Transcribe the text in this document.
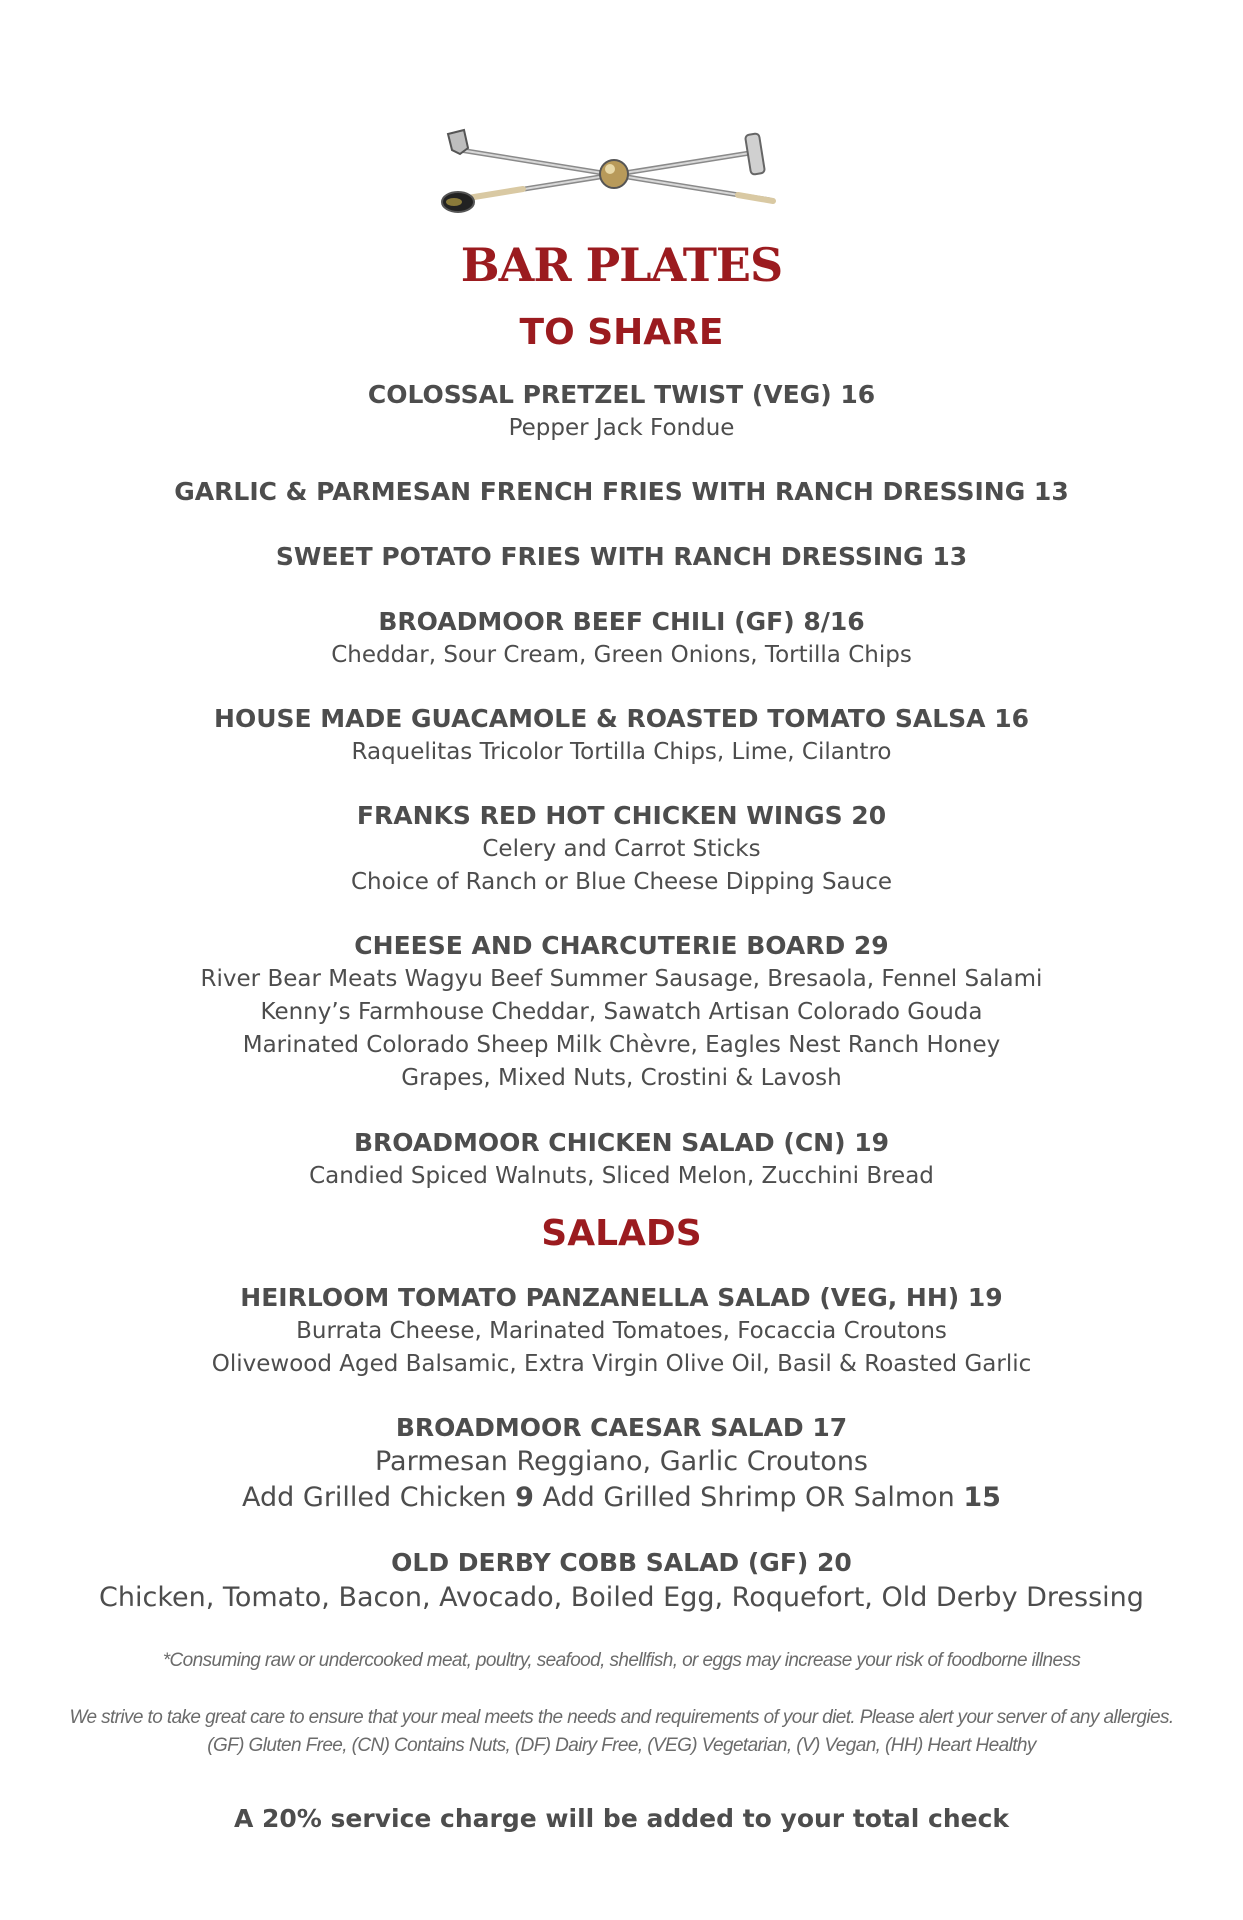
BAR PLATES
TO SHARE
COLOSSAL PRETZEL TWIST (VEG) 16
Pepper Jack Fondue
GARLIC & PARMESAN FRENCH FRIES WITH RANCH DRESSING 13
SWEET POTATO FRIES WITH RANCH DRESSING 13
BROADMOOR BEEF CHILI (GF) 8/16
Cheddar, Sour Cream, Green Onions, Tortilla Chips
HOUSE MADE GUACAMOLE & ROASTED TOMATO SALSA 16
Raquelitas Tricolor Tortilla Chips, Lime, Cilantro
FRANKS RED HOT CHICKEN WINGS 20
Celery and Carrot Sticks
Choice of Ranch or Blue Cheese Dipping Sauce
CHEESE AND CHARCUTERIE BOARD 29
River Bear Meats Wagyu Beef Summer Sausage, Bresaola, Fennel Salami
Kenny’s Farmhouse Cheddar, Sawatch Artisan Colorado Gouda
Marinated Colorado Sheep Milk Chèvre, Eagles Nest Ranch Honey
Grapes, Mixed Nuts, Crostini & Lavosh
BROADMOOR CHICKEN SALAD (CN) 19
Candied Spiced Walnuts, Sliced Melon, Zucchini Bread
SALADS
HEIRLOOM TOMATO PANZANELLA SALAD (VEG, HH) 19
Burrata Cheese, Marinated Tomatoes, Focaccia Croutons
Olivewood Aged Balsamic, Extra Virgin Olive Oil, Basil & Roasted Garlic
BROADMOOR CAESAR SALAD 17
Parmesan Reggiano, Garlic Croutons
Add Grilled Chicken 9 Add Grilled Shrimp OR Salmon 15
OLD DERBY COBB SALAD (GF) 20
Chicken, Tomato, Bacon, Avocado, Boiled Egg, Roquefort, Old Derby Dressing
*Consuming raw or undercooked meat, poultry, seafood, shellfish, or eggs may increase your risk of foodborne illness
We strive to take great care to ensure that your meal meets the needs and requirements of your diet. Please alert your server of any allergies.
(GF) Gluten Free, (CN) Contains Nuts, (DF) Dairy Free, (VEG) Vegetarian, (V) Vegan, (HH) Heart Healthy
A 20% service charge will be added to your total check
